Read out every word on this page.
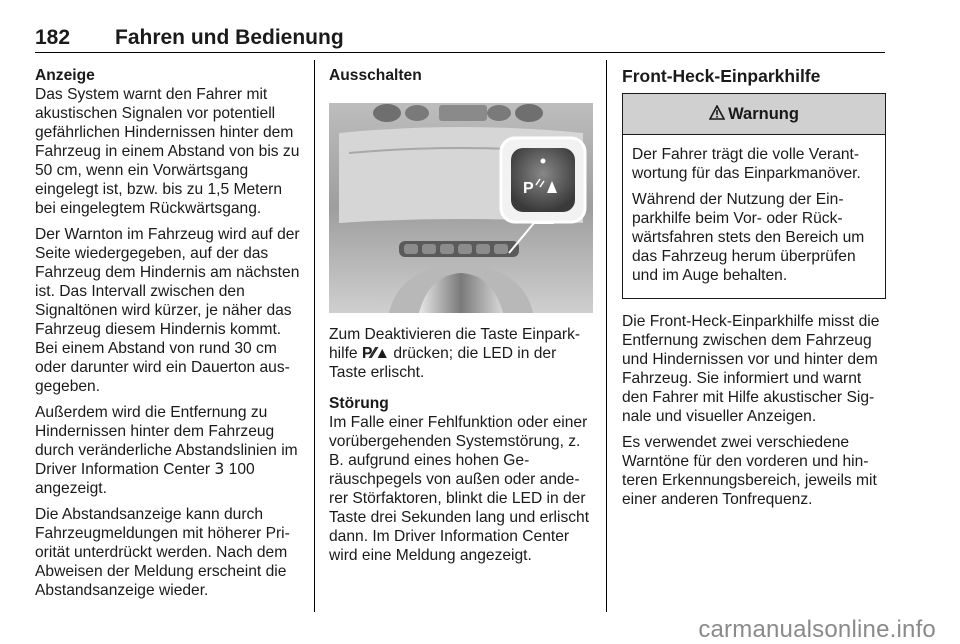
182 Fahren und Bedienung

Anzeige

Das System warnt den Fahrer mit akustischen Signalen vor potentiell gefährlichen Hindernissen hinter dem Fahrzeug in einem Abstand von bis zu 50 cm, wenn ein Vorwärtsgang eingelegt ist, bzw. bis zu 1,5 Metern bei eingelegtem Rückwärtsgang.

Der Warnton im Fahrzeug wird auf der Seite wiedergegeben, auf der das Fahrzeug dem Hindernis am nächsten ist. Das Intervall zwischen den Signaltönen wird kürzer, je näher das Fahrzeug diesem Hindernis kommt. Bei einem Abstand von rund 30 cm oder darunter wird ein Dauerton ausgegeben.

Außerdem wird die Entfernung zu Hindernissen hinter dem Fahrzeug durch veränderliche Abstandslinien im Driver Information Center 3 100 angezeigt.

Die Abstandsanzeige kann durch Fahrzeugmeldungen mit höherer Priorität unterdrückt werden. Nach dem Abweisen der Meldung erscheint die Abstandsanzeige wieder.

Ausschalten

P

Zum Deaktivieren die Taste Einparkhilfe P⁄⁄▲ drücken; die LED in der Taste erlischt.

Störung

Im Falle einer Fehlfunktion oder einer vorübergehenden Systemstörung, z. B. aufgrund eines hohen Geräuschpegels von außen oder anderer Störfaktoren, blinkt die LED in der Taste drei Sekunden lang und erlischt dann. Im Driver Information Center wird eine Meldung angezeigt.

Front-Heck-Einparkhilfe

Warnung

Der Fahrer trägt die volle Verantwortung für das Einparkmanöver.

Während der Nutzung der Einparkhilfe beim Vor- oder Rückwärtsfahren stets den Bereich um das Fahrzeug herum überprüfen und im Auge behalten.

Die Front-Heck-Einparkhilfe misst die Entfernung zwischen dem Fahrzeug und Hindernissen vor und hinter dem Fahrzeug. Sie informiert und warnt den Fahrer mit Hilfe akustischer Signale und visueller Anzeigen.

Es verwendet zwei verschiedene Warntöne für den vorderen und hinteren Erkennungsbereich, jeweils mit einer anderen Tonfrequenz.

carmanualsonline.info
